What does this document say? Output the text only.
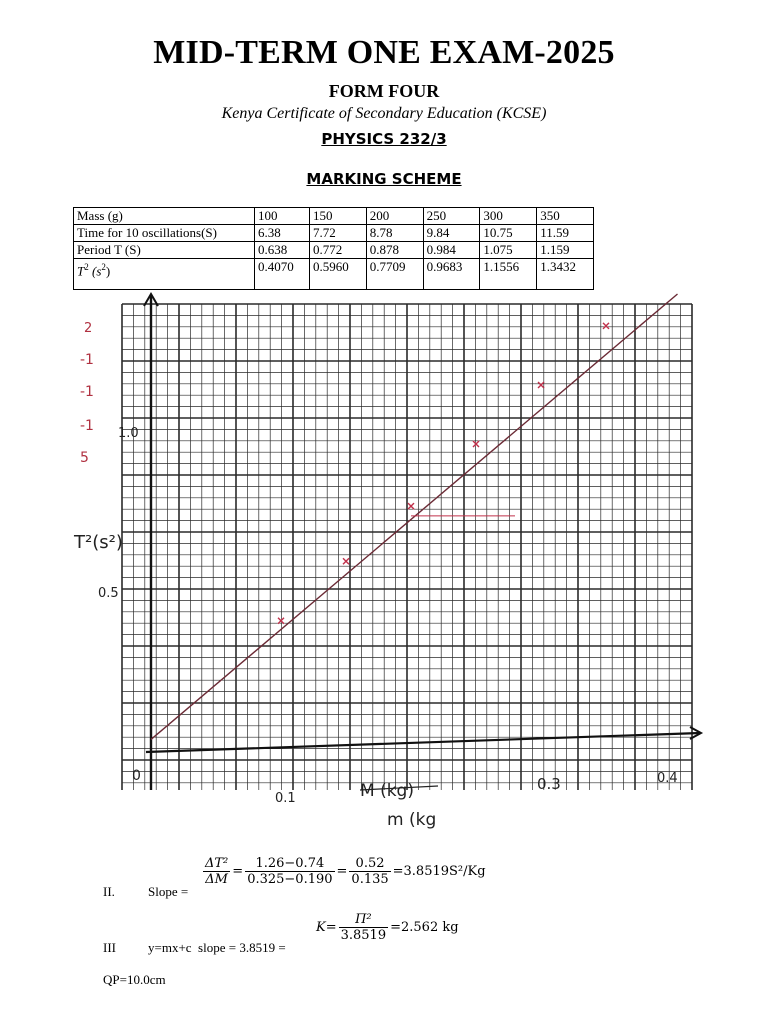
MID-TERM ONE EXAM-2025
FORM FOUR
Kenya Certificate of Secondary Education (KCSE)
PHYSICS 232/3
MARKING SCHEME
Mass (g)	100	150	200	250	300	350
Time for 10 oscillations(S)	6.38	7.72	8.78	9.84	10.75	11.59
Period T (S)	0.638	0.772	0.878	0.984	1.075	1.159
$T^2$ $(s^2)$	0.4070	0.5960	0.7709	0.9683	1.1556	1.3432
1.0
0.5
0
T²(s²)
0.1
0.3	0.4
M (kg)
m (kg
2
-1
-1
-1
5
II.	Slope =
$\frac{\text{ΔT²}}{\Delta M} = \frac{1.26-0.74}{0.325-0.190} = \frac{0.52}{0.135} =3.8519S^2/Kg$
III y=mx+c  slope = 3.8519 =
$K= \frac{\text{Π²}}{3.8519} =2.562$ kg
QP=10.0cm
